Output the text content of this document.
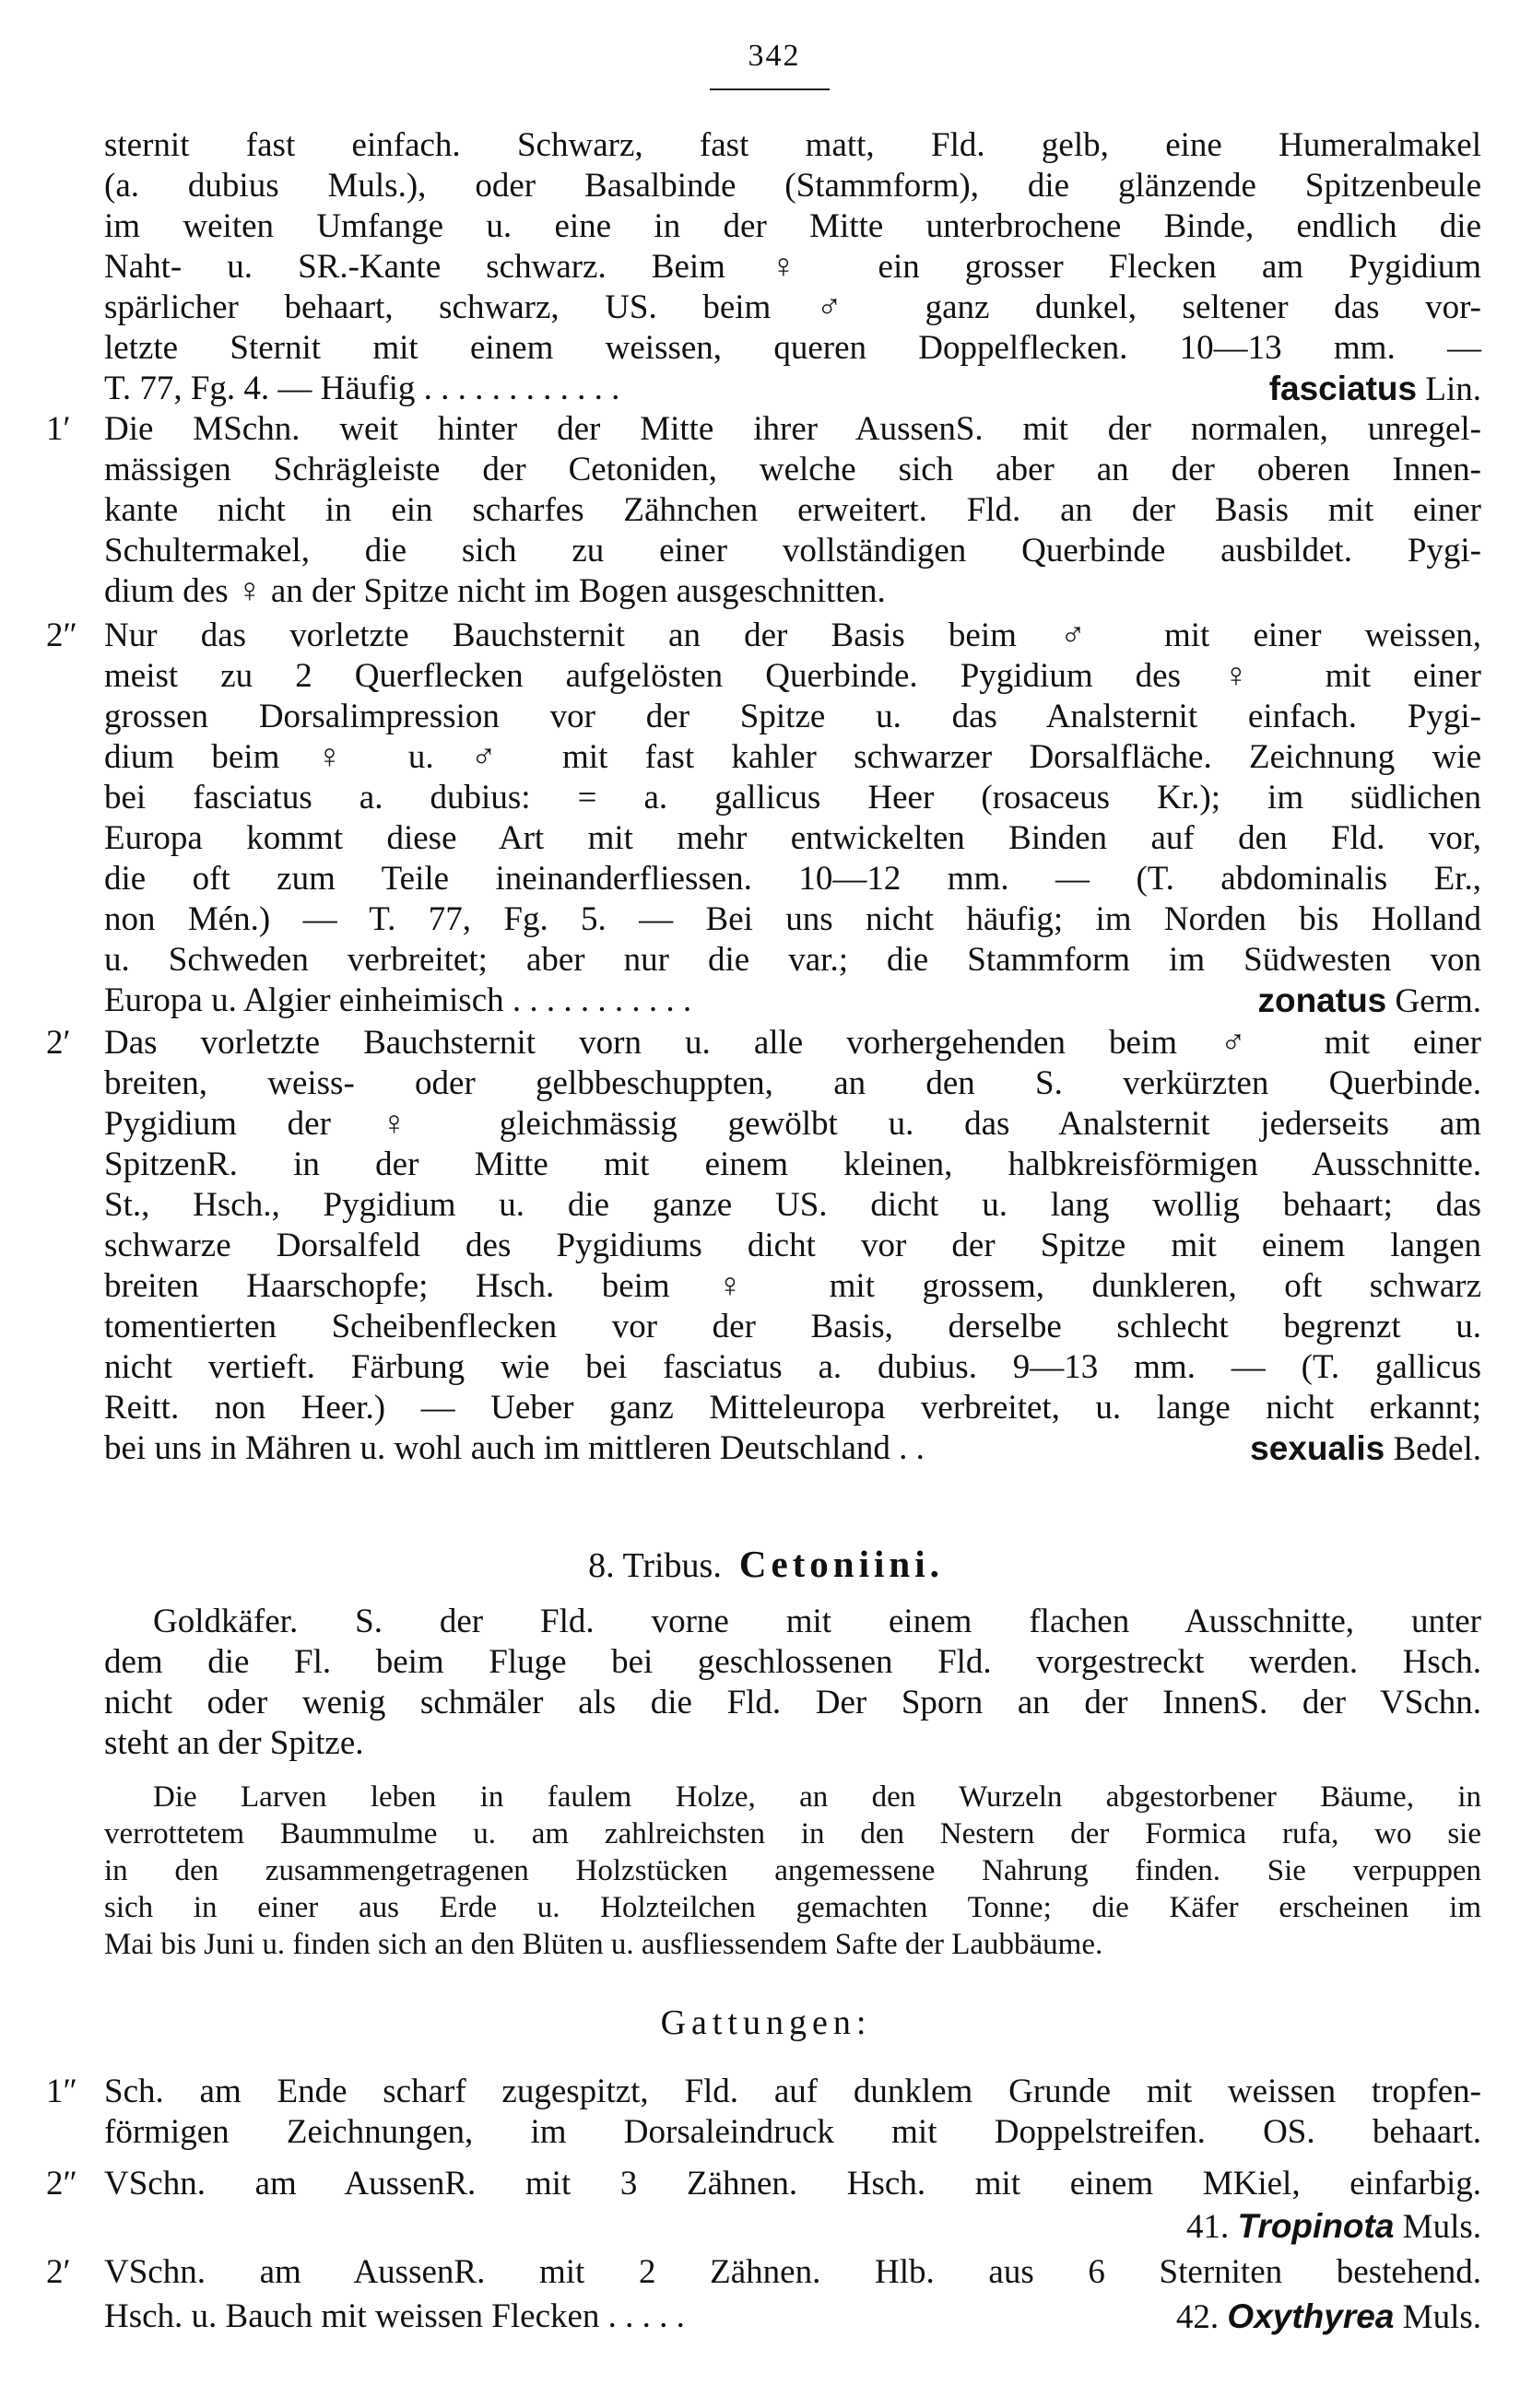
342
sternit fast einfach. Schwarz, fast matt, Fld. gelb, eine Humeralmakel
(a. dubius Muls.), oder Basalbinde (Stammform), die glänzende Spitzenbeule
im weiten Umfange u. eine in der Mitte unterbrochene Binde, endlich die
Naht- u. SR.-Kante schwarz. Beim ♀ ein grosser Flecken am Pygidium
spärlicher behaart, schwarz, US. beim ♂ ganz dunkel, seltener das vor-
letzte Sternit mit einem weissen, queren Doppelflecken. 10—13 mm. —
T. 77, Fg. 4. — Häufig . . . . . . . . . . . .	fasciatus Lin.
1′ Die MSchn. weit hinter der Mitte ihrer AussenS. mit der normalen, unregel-
mässigen Schrägleiste der Cetoniden, welche sich aber an der oberen Innen-
kante nicht in ein scharfes Zähnchen erweitert. Fld. an der Basis mit einer
Schultermakel, die sich zu einer vollständigen Querbinde ausbildet. Pygi-
dium des ♀ an der Spitze nicht im Bogen ausgeschnitten.
2″ Nur das vorletzte Bauchsternit an der Basis beim ♂ mit einer weissen,
meist zu 2 Querflecken aufgelösten Querbinde. Pygidium des ♀ mit einer
grossen Dorsalimpression vor der Spitze u. das Analsternit einfach. Pygi-
dium beim ♀ u. ♂ mit fast kahler schwarzer Dorsalfläche. Zeichnung wie
bei fasciatus a. dubius: = a. gallicus Heer (rosaceus Kr.); im südlichen
Europa kommt diese Art mit mehr entwickelten Binden auf den Fld. vor,
die oft zum Teile ineinanderfliessen. 10—12 mm. — (T. abdominalis Er.,
non Mén.) — T. 77, Fg. 5. — Bei uns nicht häufig; im Norden bis Holland
u. Schweden verbreitet; aber nur die var.; die Stammform im Südwesten von
Europa u. Algier einheimisch . . . . . . . . . . .	zonatus Germ.
2′ Das vorletzte Bauchsternit vorn u. alle vorhergehenden beim ♂ mit einer
breiten, weiss- oder gelbbeschuppten, an den S. verkürzten Querbinde.
Pygidium der ♀ gleichmässig gewölbt u. das Analsternit jederseits am
SpitzenR. in der Mitte mit einem kleinen, halbkreisförmigen Ausschnitte.
St., Hsch., Pygidium u. die ganze US. dicht u. lang wollig behaart; das
schwarze Dorsalfeld des Pygidiums dicht vor der Spitze mit einem langen
breiten Haarschopfe; Hsch. beim ♀ mit grossem, dunkleren, oft schwarz
tomentierten Scheibenflecken vor der Basis, derselbe schlecht begrenzt u.
nicht vertieft. Färbung wie bei fasciatus a. dubius. 9—13 mm. — (T. gallicus
Reitt. non Heer.) — Ueber ganz Mitteleuropa verbreitet, u. lange nicht erkannt;
bei uns in Mähren u. wohl auch im mittleren Deutschland . .	sexualis Bedel.
8. Tribus. Cetoniini.
Goldkäfer. S. der Fld. vorne mit einem flachen Ausschnitte, unter
dem die Fl. beim Fluge bei geschlossenen Fld. vorgestreckt werden. Hsch.
nicht oder wenig schmäler als die Fld. Der Sporn an der InnenS. der VSchn.
steht an der Spitze.
Die Larven leben in faulem Holze, an den Wurzeln abgestorbener Bäume, in
verrottetem Baummulme u. am zahlreichsten in den Nestern der Formica rufa, wo sie
in den zusammengetragenen Holzstücken angemessene Nahrung finden. Sie verpuppen
sich in einer aus Erde u. Holzteilchen gemachten Tonne; die Käfer erscheinen im
Mai bis Juni u. finden sich an den Blüten u. ausfliessendem Safte der Laubbäume.
Gattungen:
1″ Sch. am Ende scharf zugespitzt, Fld. auf dunklem Grunde mit weissen tropfen-
förmigen Zeichnungen, im Dorsaleindruck mit Doppelstreifen. OS. behaart.
2″ VSchn. am AussenR. mit 3 Zähnen. Hsch. mit einem MKiel, einfarbig.
41. Tropinota Muls.
2′ VSchn. am AussenR. mit 2 Zähnen. Hlb. aus 6 Sterniten bestehend.
Hsch. u. Bauch mit weissen Flecken . . . . .	42. Oxythyrea Muls.
